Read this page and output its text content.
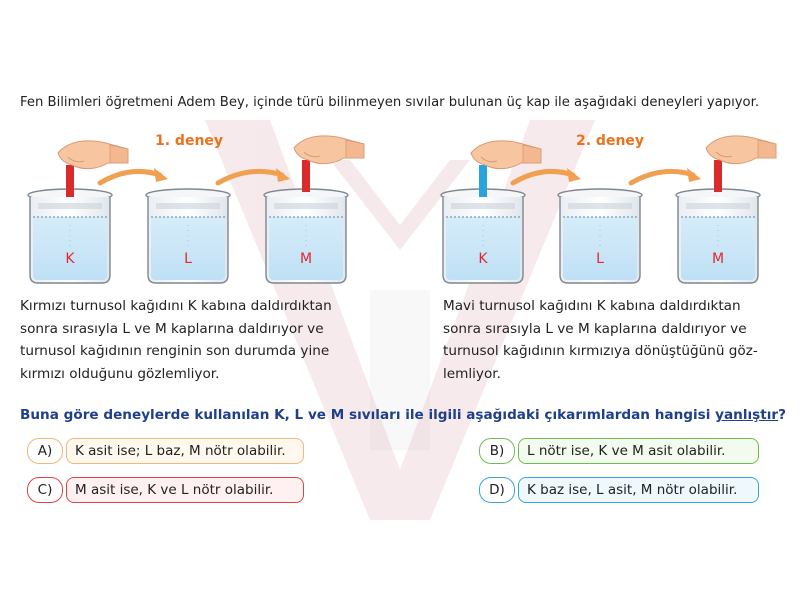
Fen Bilimleri öğretmeni Adem Bey, içinde türü bilinmeyen sıvılar bulunan üç kap ile aşağıdaki deneyleri yapıyor.
1. deney	2. deney
K	L	M	K	L	M
Kırmızı turnusol kağıdını K kabına daldırdıktan
sonra sırasıyla L ve M kaplarına daldırıyor ve
turnusol kağıdının renginin son durumda yine
kırmızı olduğunu gözlemliyor.
Mavi turnusol kağıdını K kabına daldırdıktan
sonra sırasıyla L ve M kaplarına daldırıyor ve
turnusol kağıdının kırmızıya dönüştüğünü göz-
lemliyor.
Buna göre deneylerde kullanılan K, L ve M sıvıları ile ilgili aşağıdaki çıkarımlardan hangisi yanlıştır?
A)	K asit ise; L baz, M nötr olabilir.	B)	L nötr ise, K ve M asit olabilir.
C)	M asit ise, K ve L nötr olabilir.	D)	K baz ise, L asit, M nötr olabilir.
